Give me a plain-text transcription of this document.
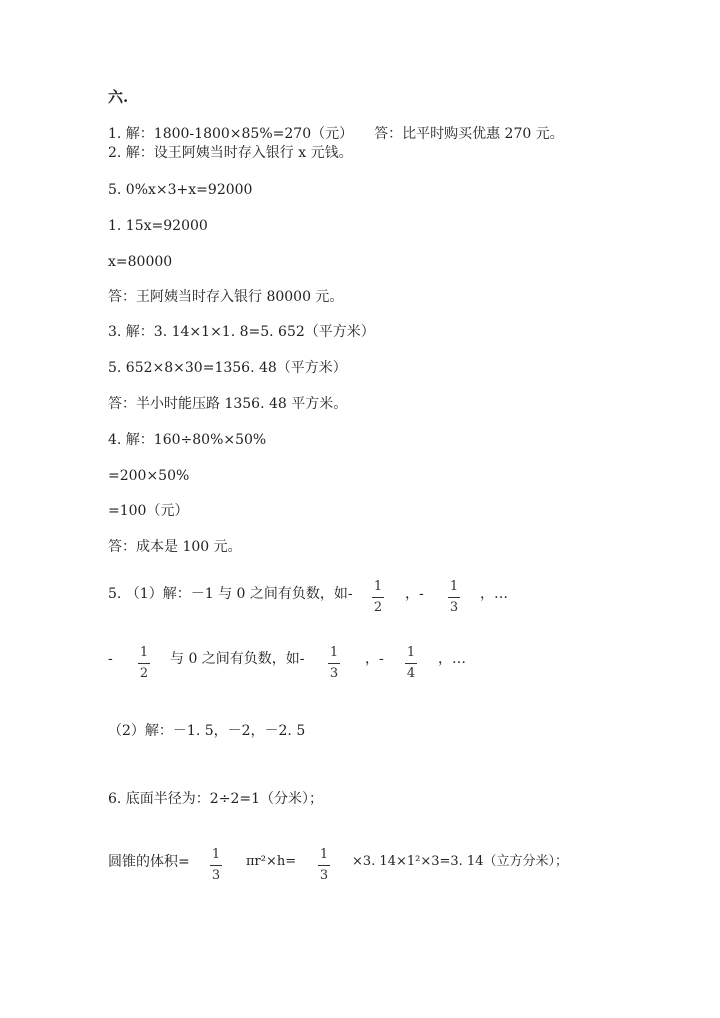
六.
1. 解：1800-1800×85%=270（元）　　答：比平时购买优惠 270 元。
2. 解：设王阿姨当时存入银行 x 元钱。
5. 0%x×3+x=92000
1. 15x=92000
x=80000
答：王阿姨当时存入银行 80000 元。
3. 解：3. 14×1×1. 8=5. 652（平方米）
5. 652×8×30=1356. 48（平方米）
答：半小时能压路 1356. 48 平方米。
4. 解：160÷80%×50%
=200×50%
=100（元）
答：成本是 100 元。
5. （1）解：－1 与 0 之间有负数，如- 1
2
，- 1
3
，…
- 1
2
与 0 之间有负数，如- 1
3
，- 1
4
，…
（2）解：－1. 5，－2，－2. 5
6. 底面半径为：2÷2=1（分米）；
圆锥的体积= 1
3
πr²×h= 1
3
×3. 14×1²×3=3. 14（立方分米）；
